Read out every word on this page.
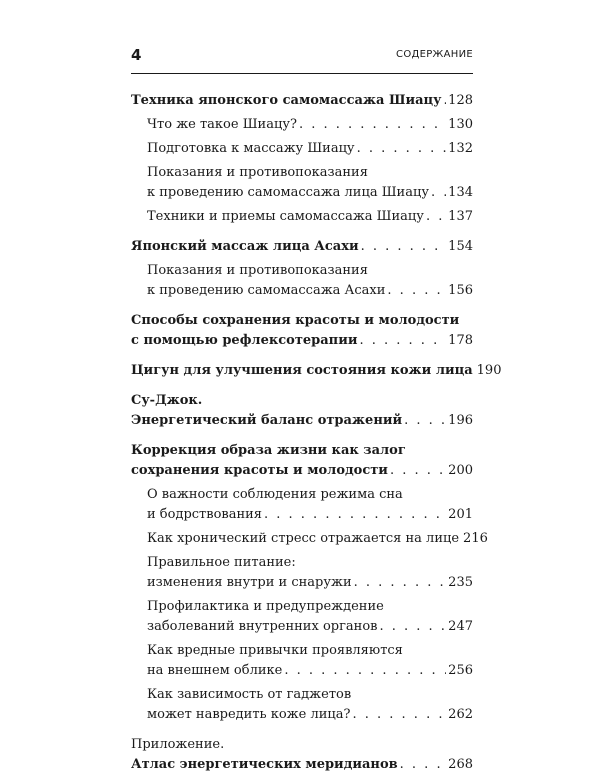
4	СОДЕРЖАНИЕ
Техника японского самомассажа Шиацу . . . 128
Что же такое Шиацу? . . .	130
Подготовка к массажу Шиацу . . .	132
Показания и противопоказания
к проведению самомассажа лица Шиацу . . . 134
Техники и приемы самомассажа Шиацу . . . 137
Японский массаж лица Асахи . . .	154
Показания и противопоказания
к проведению самомассажа Асахи . . .	156
Способы сохранения красоты и молодости
с помощью рефлексотерапии . . .	178
Цигун для улучшения состояния кожи лица 190
Су-Джок.
Энергетический баланс отражений . . .	196
Коррекция образа жизни как залог
сохранения красоты и молодости . . .	200
О важности соблюдения режима сна
и бодрствования . . .	201
Как хронический стресс отражается на лице 216
Правильное питание:
изменения внутри и снаружи . . .	235
Профилактика и предупреждение
заболеваний внутренних органов . . .	247
Как вредные привычки проявляются
на внешнем облике . . .	256
Как зависимость от гаджетов
может навредить коже лица? . . .	262
Приложение.
Атлас энергетических меридианов . . .	268
